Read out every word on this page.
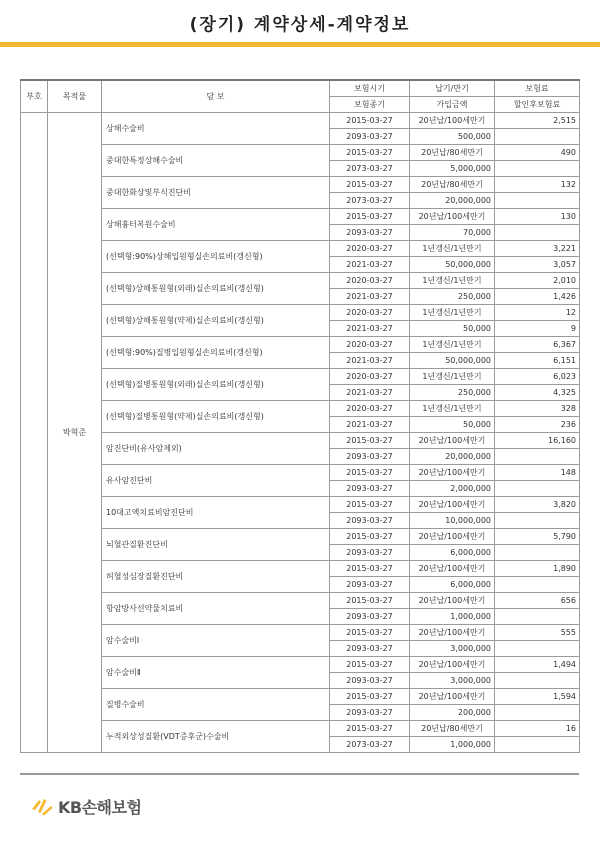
(장기) 계약상세-계약정보
부호	목적물	담 보	보험시기	납기/만기	보험료
			보험종기	가입금액	할인후보험료
	박혁준	상해수술비	2015-03-27	20년납/100세만기	2,515
			2093-03-27	500,000	
		중대한특정상해수술비	2015-03-27	20년납/80세만기	490
			2073-03-27	5,000,000	
		중대한화상및부식진단비	2015-03-27	20년납/80세만기	132
			2073-03-27	20,000,000	
		상해흉터복원수술비	2015-03-27	20년납/100세만기	130
			2093-03-27	70,000	
		(선택형:90%)상해입원형실손의료비(갱신형)	2020-03-27	1년갱신/1년만기	3,221
			2021-03-27	50,000,000	3,057
		(선택형)상해통원형(외래)실손의료비(갱신형)	2020-03-27	1년갱신/1년만기	2,010
			2021-03-27	250,000	1,426
		(선택형)상해통원형(약제)실손의료비(갱신형)	2020-03-27	1년갱신/1년만기	12
			2021-03-27	50,000	9
		(선택형:90%)질병입원형실손의료비(갱신형)	2020-03-27	1년갱신/1년만기	6,367
			2021-03-27	50,000,000	6,151
		(선택형)질병통원형(외래)실손의료비(갱신형)	2020-03-27	1년갱신/1년만기	6,023
			2021-03-27	250,000	4,325
		(선택형)질병통원형(약제)실손의료비(갱신형)	2020-03-27	1년갱신/1년만기	328
			2021-03-27	50,000	236
		암진단비(유사암제외)	2015-03-27	20년납/100세만기	16,160
			2093-03-27	20,000,000	
		유사암진단비	2015-03-27	20년납/100세만기	148
			2093-03-27	2,000,000	
		10대고액치료비암진단비	2015-03-27	20년납/100세만기	3,820
			2093-03-27	10,000,000	
		뇌혈관질환진단비	2015-03-27	20년납/100세만기	5,790
			2093-03-27	6,000,000	
		허혈성심장질환진단비	2015-03-27	20년납/100세만기	1,890
			2093-03-27	6,000,000	
		항암방사선약물치료비	2015-03-27	20년납/100세만기	656
			2093-03-27	1,000,000	
		암수술비Ⅰ	2015-03-27	20년납/100세만기	555
			2093-03-27	3,000,000	
		암수술비Ⅱ	2015-03-27	20년납/100세만기	1,494
			2093-03-27	3,000,000	
		질병수술비	2015-03-27	20년납/100세만기	1,594
			2093-03-27	200,000	
		누적외상성질환(VDT증후군)수술비	2015-03-27	20년납/80세만기	16
			2073-03-27	1,000,000	
KB손해보험
